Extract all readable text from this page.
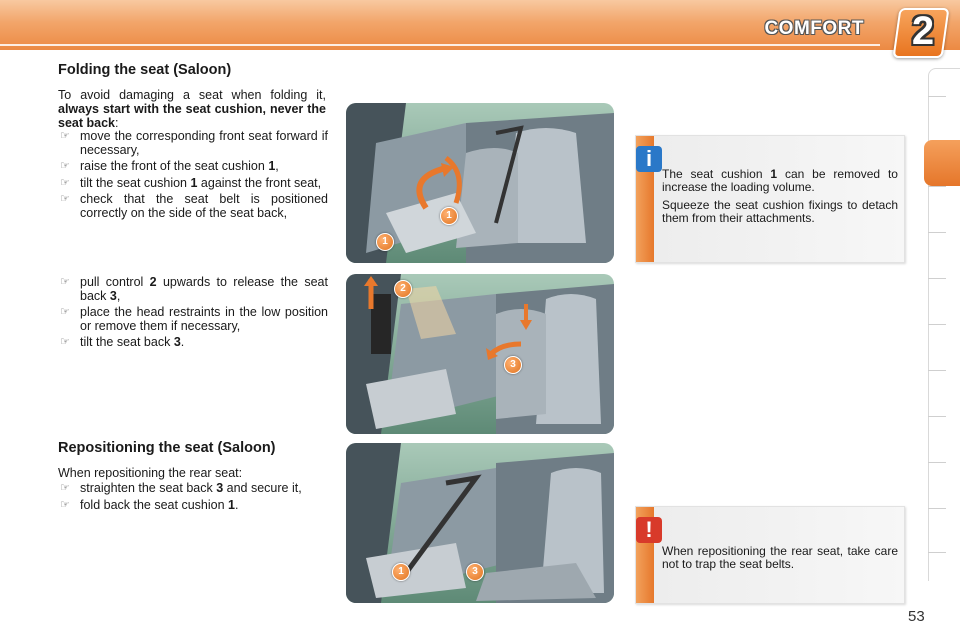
COMFORT 2
Folding the seat (Saloon)
To avoid damaging a seat when folding it, always start with the seat cushion, never the seat back:
☞ move the corresponding front seat forward if necessary,
☞ raise the front of the seat cushion 1,
☞ tilt the seat cushion 1 against the front seat,
☞ check that the seat belt is positioned correctly on the side of the seat back,
☞ pull control 2 upwards to release the seat back 3,
☞ place the head restraints in the low position or remove them if necessary,
☞ tilt the seat back 3.
Repositioning the seat (Saloon)
When repositioning the rear seat:
☞ straighten the seat back 3 and secure it,
☞ fold back the seat cushion 1.
1
1
2
3
1	3
i

The seat cushion 1 can be removed to increase the loading volume.

Squeeze the seat cushion fixings to detach them from their attachments.

!
When repositioning the rear seat, take care not to trap the seat belts.
53
